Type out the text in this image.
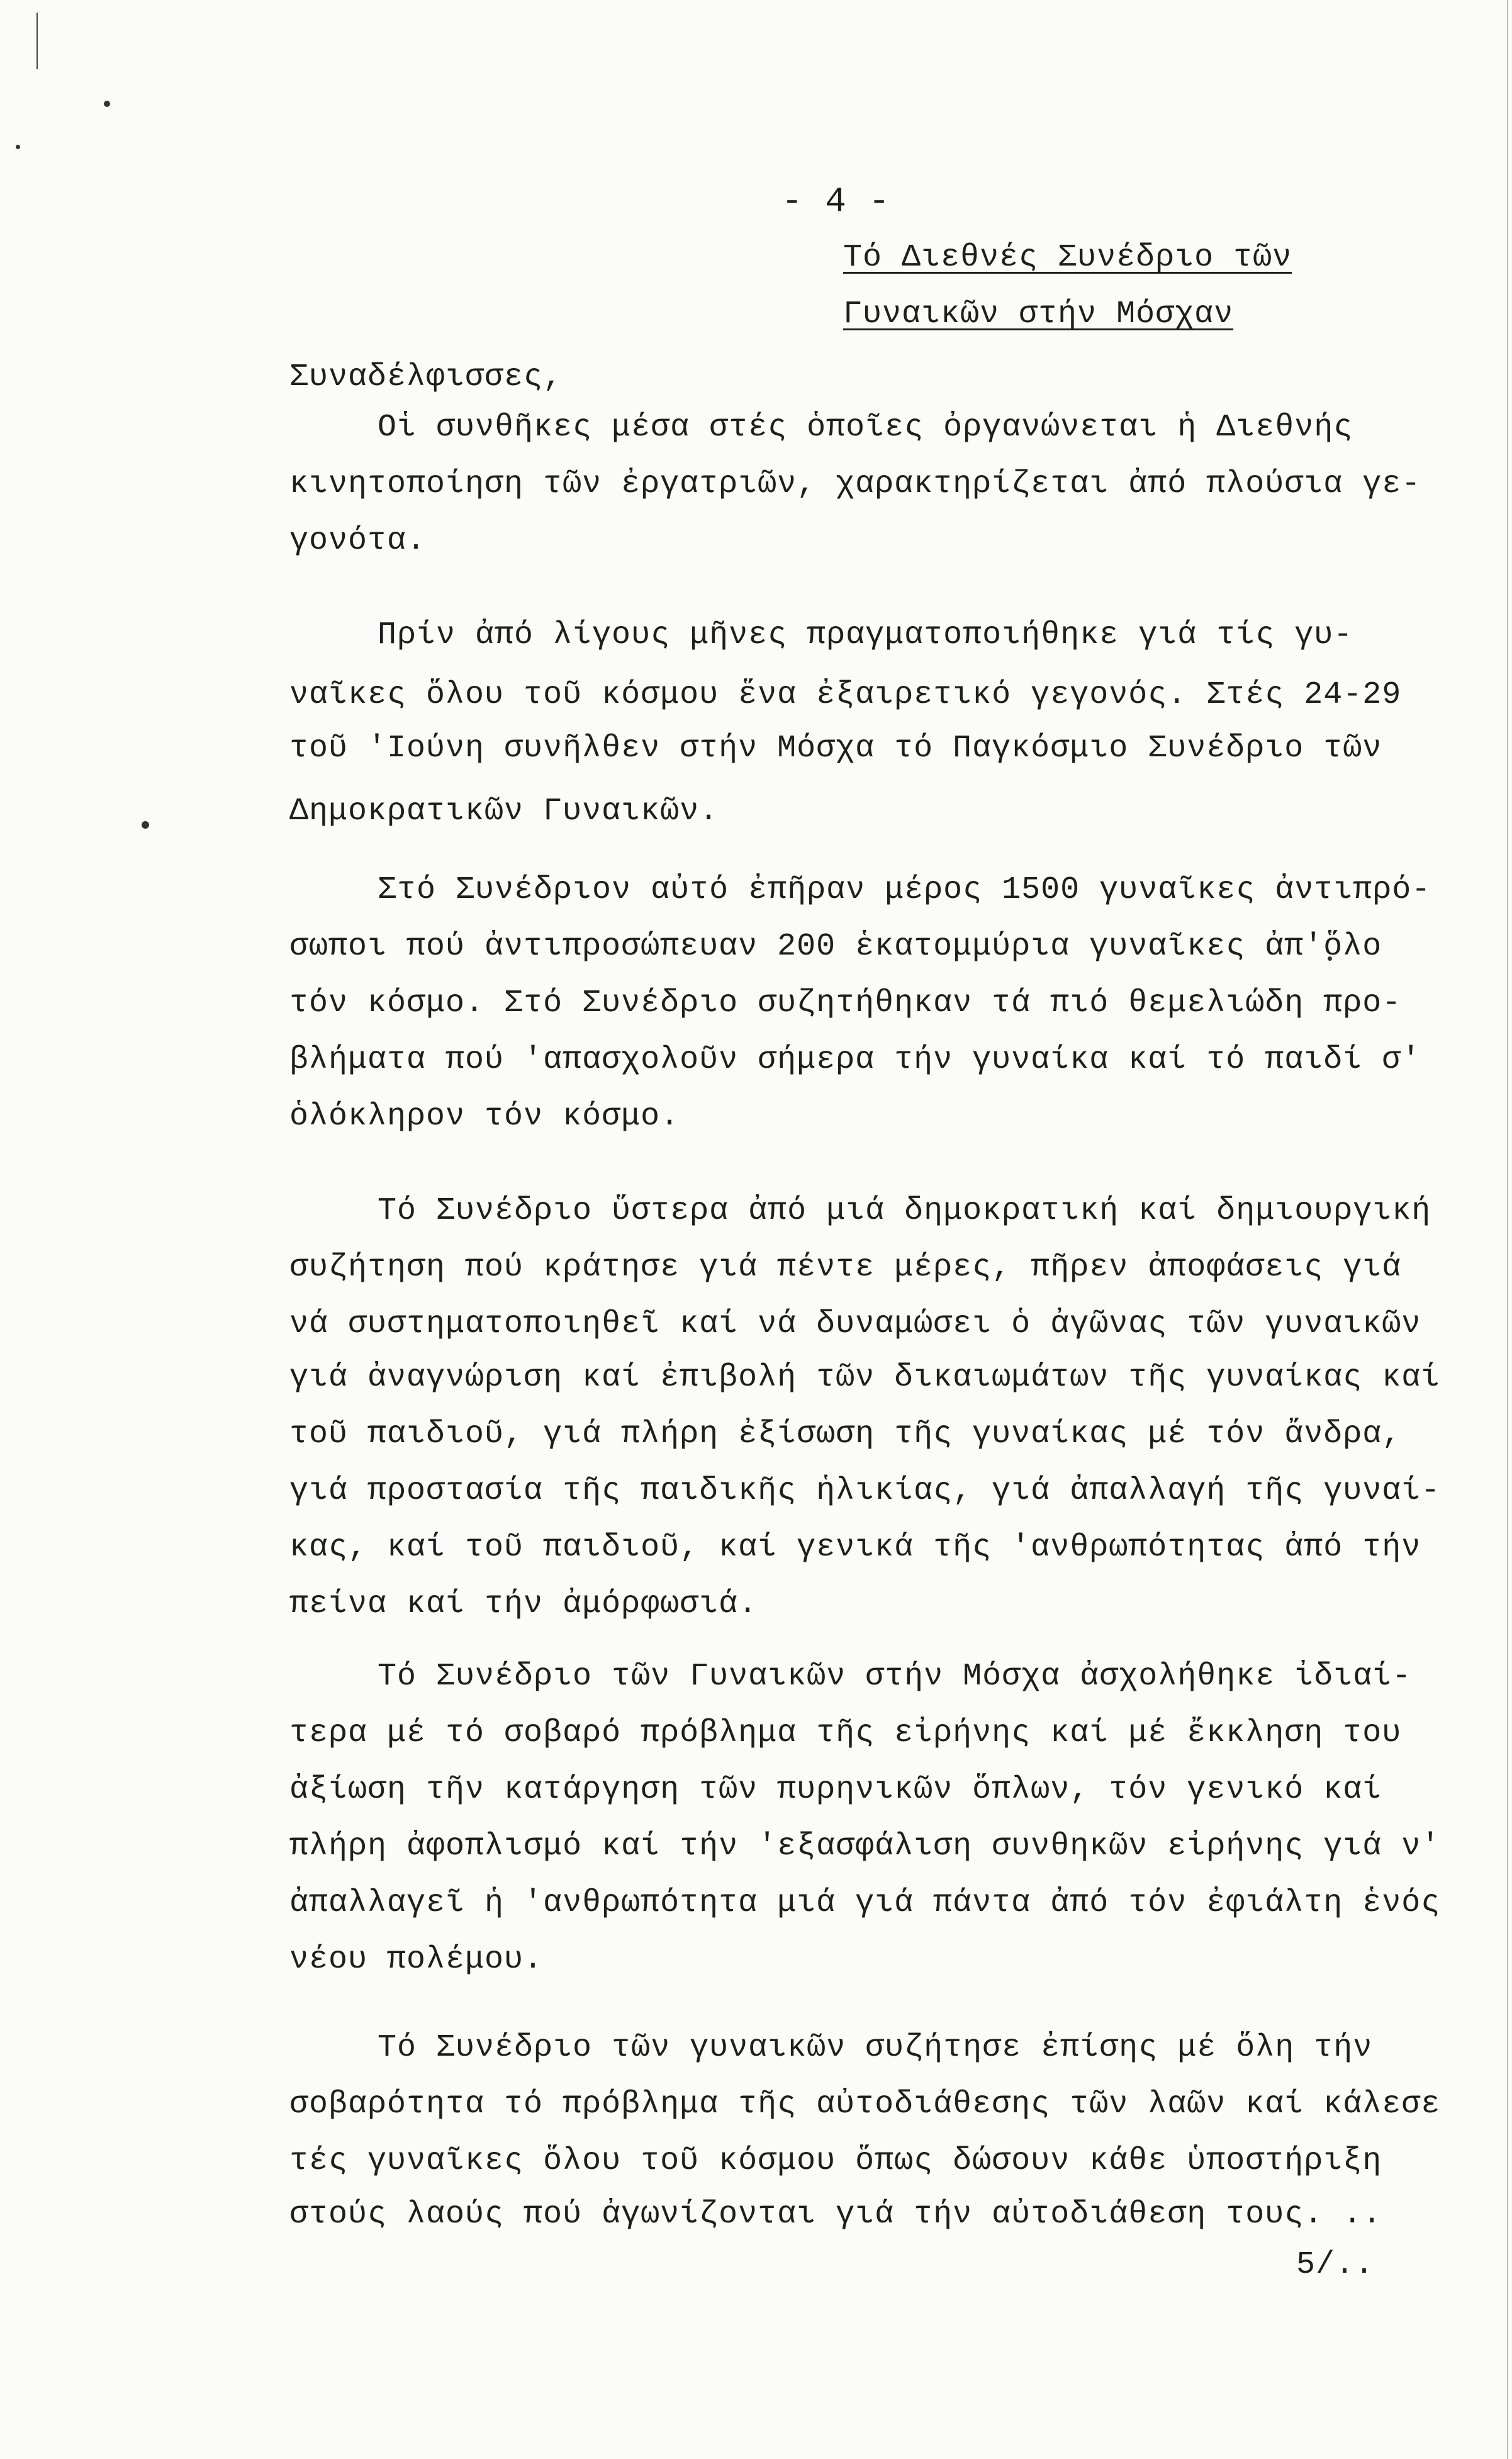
- 4 -
Τό Διεθνές Συνέδριο τῶν
Γυναικῶν στήν Μόσχαν
Συναδέλφισσες,
Οἱ συνθῆκες μέσα στές ὁποῖες ὀργανώνεται ἡ Διεθνής
κινητοποίηση τῶν ἐργατριῶν, χαρακτηρίζεται ἀπό πλούσια γε-
γονότα.
Πρίν ἀπό λίγους μῆνες πραγματοποιήθηκε γιά τίς γυ-
ναῖκες ὅλου τοῦ κόσμου ἕνα ἐξαιρετικό γεγονός. Στές 24-29
τοῦ 'Ιούνη συνῆλθεν στήν Μόσχα τό Παγκόσμιο Συνέδριο τῶν
Δημοκρατικῶν Γυναικῶν.
Στό Συνέδριον αὐτό ἐπῆραν μέρος 1500 γυναῖκες ἀντιπρό-
σωποι πού ἀντιπροσώπευαν 200 ἑκατομμύρια γυναῖκες ἀπ'ὅλο
τόν κόσμο. Στό Συνέδριο συζητήθηκαν τά πιό θεμελιώδη προ-
βλήματα πού 'απασχολοῦν σήμερα τήν γυναίκα καί τό παιδί σ'
ὁλόκληρον τόν κόσμο.
Τό Συνέδριο ὕστερα ἀπό μιά δημοκρατική καί δημιουργική
συζήτηση πού κράτησε γιά πέντε μέρες, πῆρεν ἀποφάσεις γιά
νά συστηματοποιηθεῖ καί νά δυναμώσει ὁ ἀγῶνας τῶν γυναικῶν
γιά ἀναγνώριση καί ἐπιβολή τῶν δικαιωμάτων τῆς γυναίκας καί
τοῦ παιδιοῦ, γιά πλήρη ἐξίσωση τῆς γυναίκας μέ τόν ἄνδρα,
γιά προστασία τῆς παιδικῆς ἡλικίας, γιά ἀπαλλαγή τῆς γυναί-
κας, καί τοῦ παιδιοῦ, καί γενικά τῆς 'ανθρωπότητας ἀπό τήν
πείνα καί τήν ἀμόρφωσιά.
Τό Συνέδριο τῶν Γυναικῶν στήν Μόσχα ἀσχολήθηκε ἰδιαί-
τερα μέ τό σοβαρό πρόβλημα τῆς εἰρήνης καί μέ ἔκκληση του
ἀξίωση τῆν κατάργηση τῶν πυρηνικῶν ὅπλων, τόν γενικό καί
πλήρη ἀφοπλισμό καί τήν 'εξασφάλιση συνθηκῶν εἰρήνης γιά ν'
ἀπαλλαγεῖ ἡ 'ανθρωπότητα μιά γιά πάντα ἀπό τόν ἐφιάλτη ἑνός
νέου πολέμου.
Τό Συνέδριο τῶν γυναικῶν συζήτησε ἐπίσης μέ ὅλη τήν
σοβαρότητα τό πρόβλημα τῆς αὐτοδιάθεσης τῶν λαῶν καί κάλεσε
τές γυναῖκες ὅλου τοῦ κόσμου ὅπως δώσουν κάθε ὑποστήριξη
στούς λαούς πού ἀγωνίζονται γιά τήν αὐτοδιάθεση τους. ..
5/..
